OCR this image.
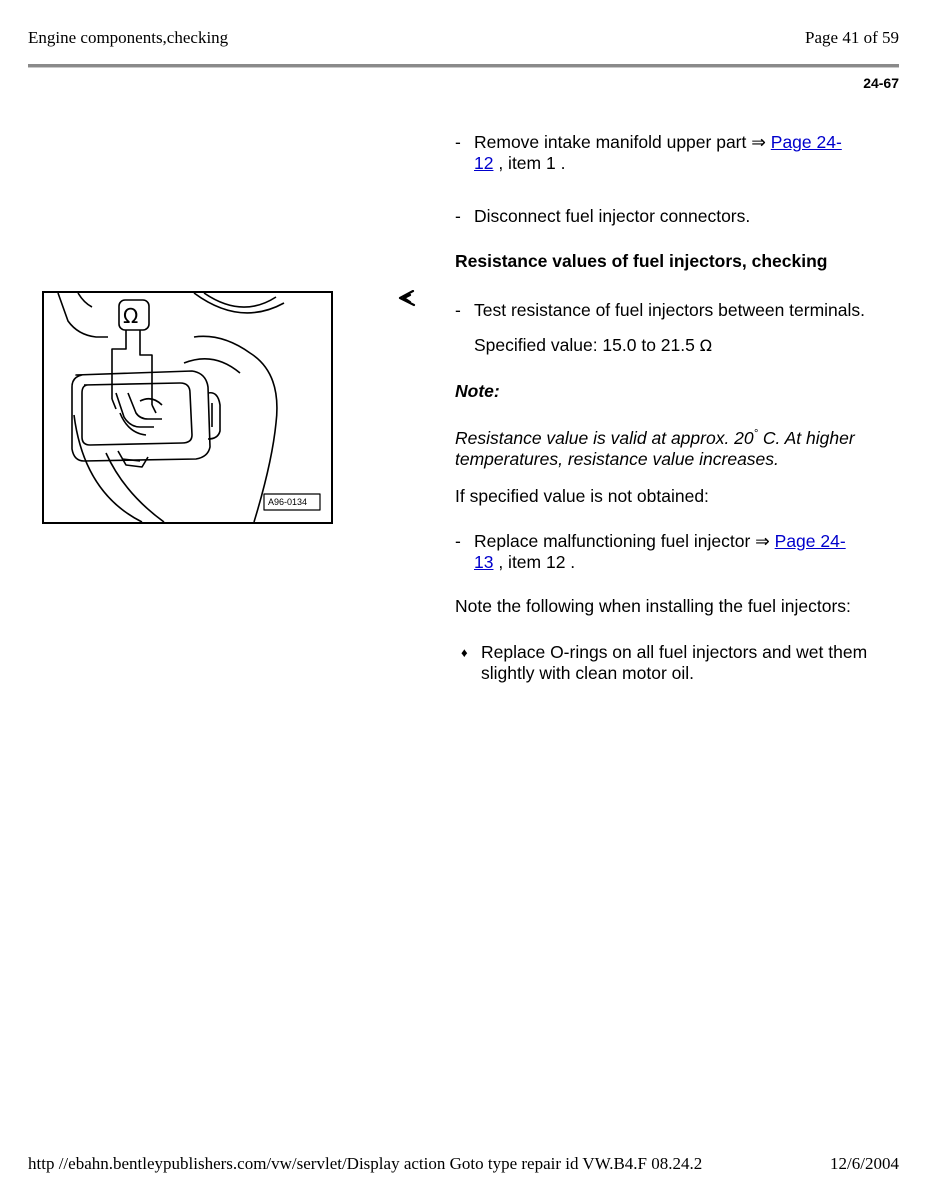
Engine components,checking	Page 41 of 59
24-67
Ω
A96-0134
- Remove intake manifold upper part ⇒ Page 24-
12 , item 1 .
- Disconnect fuel injector connectors.
Resistance values of fuel injectors, checking
- Test resistance of fuel injectors between terminals.
Specified value: 15.0 to 21.5 Ω
Note:
Resistance value is valid at approx. 20° C. At higher temperatures, resistance value increases.
If specified value is not obtained:
- Replace malfunctioning fuel injector ⇒ Page 24-
13 , item 12 .
Note the following when installing the fuel injectors:
♦ Replace O-rings on all fuel injectors and wet them slightly with clean motor oil.
http //ebahn.bentleypublishers.com/vw/servlet/Display action Goto type repair id VW.B4.F 08.24.2	12/6/2004
